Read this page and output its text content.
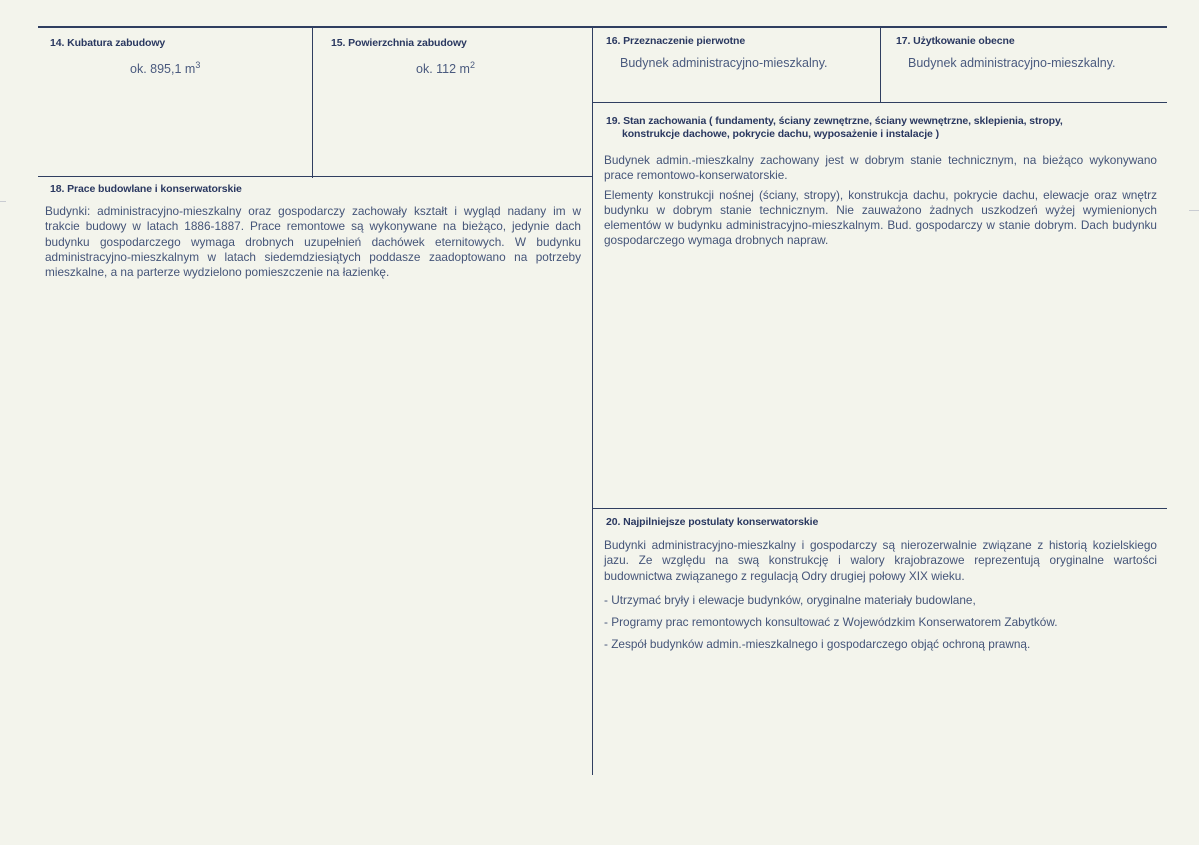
14. Kubatura zabudowy
ok. 895,1 $m^3$
15. Powierzchnia zabudowy
ok. 112 $m^2$
16. Przeznaczenie pierwotne
Budynek administracyjno-mieszkalny.
17. Użytkowanie obecne
Budynek administracyjno-mieszkalny.
18. Prace budowlane i konserwatorskie

Budynki: administracyjno-mieszkalny oraz gospodarczy zachowały kształt i wygląd nadany im w trakcie budowy w latach 1886-1887. Prace remontowe są wykonywane na bieżąco, jedynie dach budynku gospodarczego wymaga drobnych uzupełnień dachówek eternitowych. W budynku administracyjno-mieszkalnym w latach siedemdziesiątych poddasze zaadoptowano na potrzeby mieszkalne, a na parterze wydzielono pomieszczenie na łazienkę.

19. Stan zachowania ( fundamenty, ściany zewnętrzne, ściany wewnętrzne, sklepienia, stropy,
konstrukcje dachowe, pokrycie dachu, wyposażenie i instalacje )

Budynek admin.-mieszkalny zachowany jest w dobrym stanie technicznym, na bieżąco wykonywano prace remontowo-konserwatorskie.

Elementy konstrukcji nośnej (ściany, stropy), konstrukcja dachu, pokrycie dachu, elewacje oraz wnętrz budynku w dobrym stanie technicznym. Nie zauważono żadnych uszkodzeń wyżej wymienionych elementów w budynku administracyjno-mieszkalnym. Bud. gospodarczy w stanie dobrym. Dach budynku gospodarczego wymaga drobnych napraw.

20. Najpilniejsze postulaty konserwatorskie

Budynki administracyjno-mieszkalny i gospodarczy są nierozerwalnie związane z historią kozielskiego jazu. Ze względu na swą konstrukcję i walory krajobrazowe reprezentują oryginalne wartości budownictwa związanego z regulacją Odry drugiej połowy XIX wieku.

- Utrzymać bryły i elewacje budynków, oryginalne materiały budowlane,
- Programy prac remontowych konsultować z Wojewódzkim Konserwatorem Zabytków.
- Zespół budynków admin.-mieszkalnego i gospodarczego objąć ochroną prawną.
